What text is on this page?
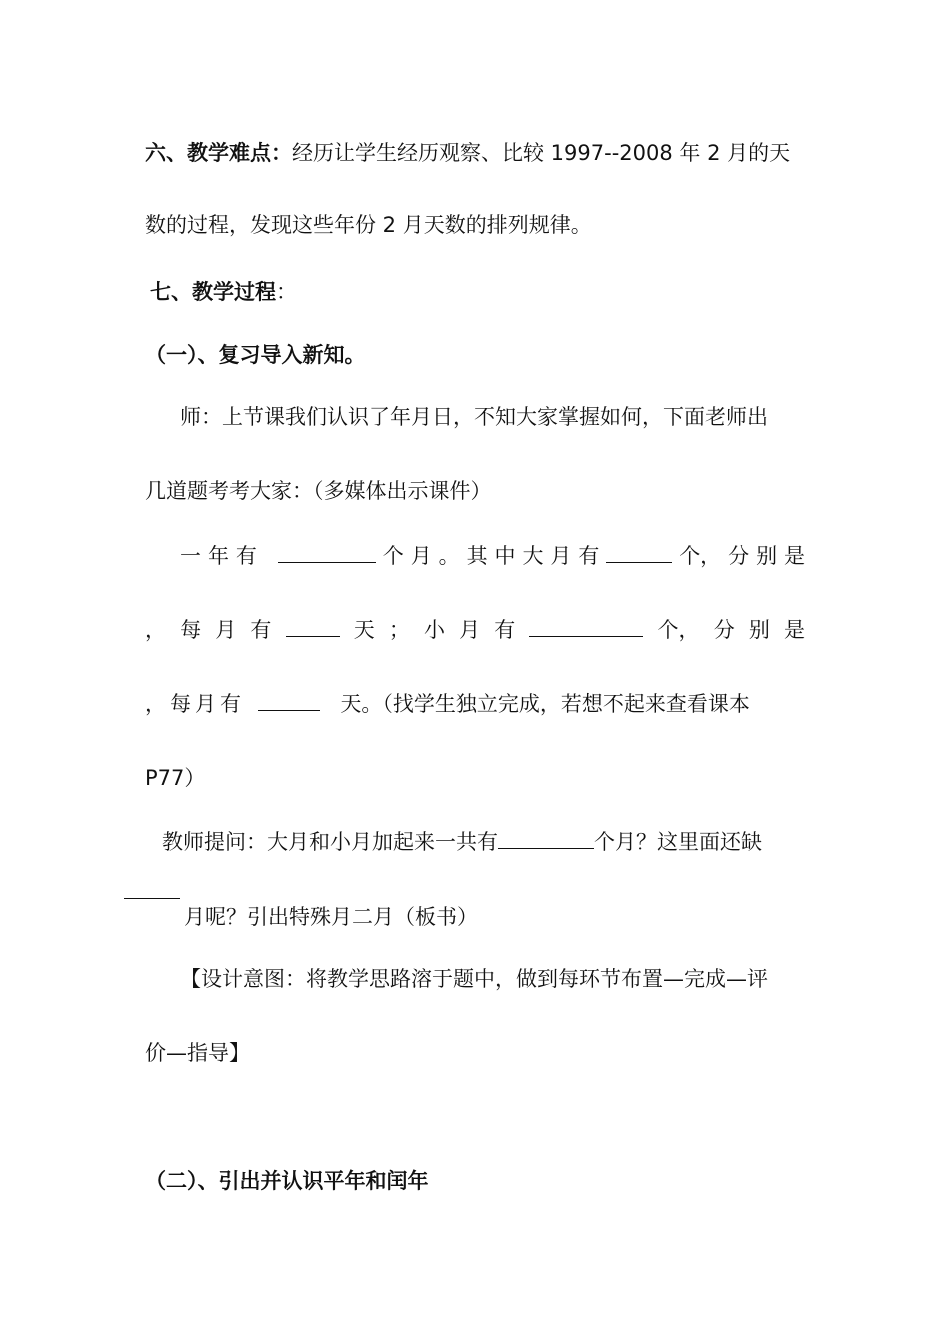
六、教学难点：经历让学生经历观察、比较 1997--2008 年 2 月的天
数的过程，发现这些年份 2 月天数的排列规律。
七、教学过程：
（一）、复习导入新知。
师：上节课我们认识了年月日，不知大家掌握如何，下面老师出
几道题考考大家：（多媒体出示课件）
一 年 有	个 月 。 其 中 大 月 有	个， 分 别 是
， 每 月 有	天 ； 小 月 有	个， 分 别 是
，每月有	天。（找学生独立完成，若想不起来查看课本
P77）
教师提问：大月和小月加起来一共有	个月？这里面还缺
月呢？引出特殊月二月（板书）
【设计意图：将教学思路溶于题中，做到每环节布置—完成—评
价—指导】
（二）、引出并认识平年和闰年
